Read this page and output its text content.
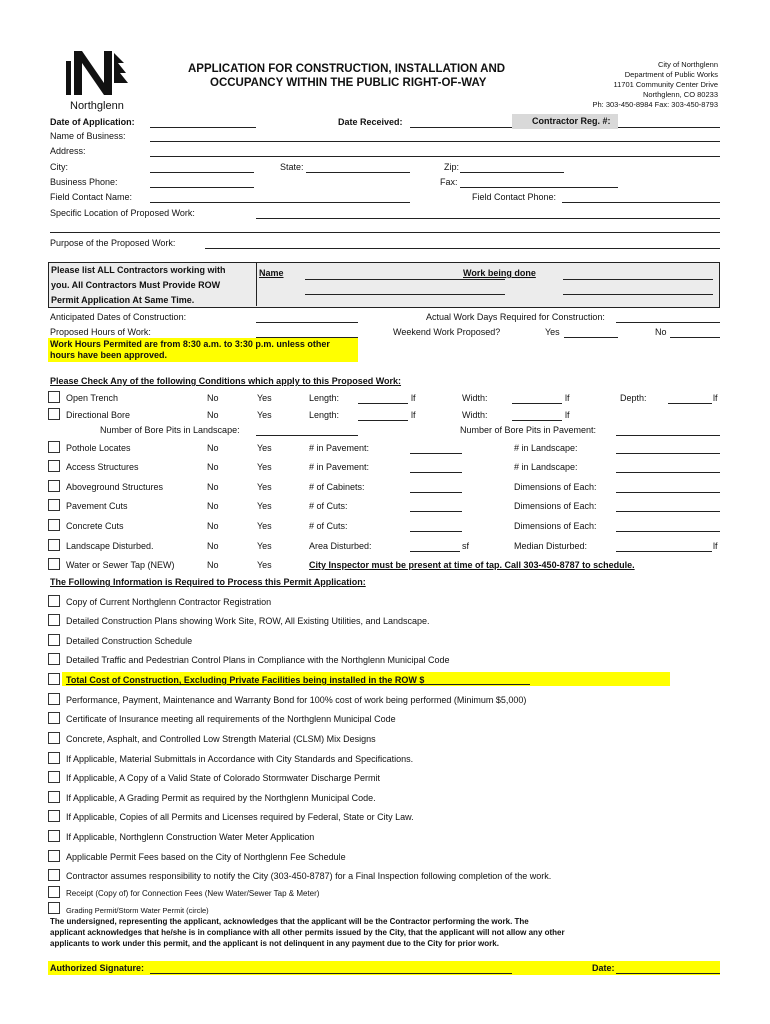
Northglenn
APPLICATION FOR CONSTRUCTION, INSTALLATION AND
OCCUPANCY WITHIN THE PUBLIC RIGHT-OF-WAY
City of Northglenn
Department of Public Works
11701 Community Center Drive
Northglenn, CO 80233
Ph: 303-450-8984 Fax: 303-450-8793
Date of Application:	Date Received:	Contractor Reg. #:
Name of Business:
Address:
City:	State:	Zip:
Business Phone:	Fax:
Field Contact Name:	Field Contact Phone:
Specific Location of Proposed Work:
Purpose of the Proposed Work:
Please list ALL Contractors working with
you. All Contractors Must Provide ROW
Permit Application At Same Time.
Name	Work being done
Anticipated Dates of Construction:	Actual Work Days Required for Construction:
Proposed Hours of Work:	Weekend Work Proposed?	Yes	No
Work Hours Permited are from 8:30 a.m. to 3:30 p.m. unless other
hours have been approved.
Please Check Any of the following Conditions which apply to this Proposed Work:
Open Trench	No	Yes	Length:	lf	Width:	lf	Depth:	lf
Directional Bore	No	Yes	Length:	lf	Width:	lf
Number of Bore Pits in Landscape:	Number of Bore Pits in Pavement:
Pothole Locates	No	Yes	# in Pavement:	# in Landscape:
Access Structures	No	Yes	# in Pavement:	# in Landscape:
Aboveground Structures	No	Yes	# of Cabinets:	Dimensions of Each:
Pavement Cuts	No	Yes	# of Cuts:	Dimensions of Each:
Concrete Cuts	No	Yes	# of Cuts:	Dimensions of Each:
Landscape Disturbed.	No	Yes	Area Disturbed:	sf	Median Disturbed:	lf
Water or Sewer Tap (NEW)	No	Yes	City Inspector must be present at time of tap. Call 303-450-8787 to schedule.
The Following Information is Required to Process this Permit Application:
Copy of Current Northglenn Contractor Registration
Detailed Construction Plans showing Work Site, ROW, All Existing Utilities, and Landscape.
Detailed Construction Schedule
Detailed Traffic and Pedestrian Control Plans in Compliance with the Northglenn Municipal Code
Total Cost of Construction, Excluding Private Facilities being installed in the ROW $
Performance, Payment, Maintenance and Warranty Bond for 100% cost of work being performed (Minimum $5,000)
Certificate of Insurance meeting all requirements of the Northglenn Municipal Code
Concrete, Asphalt, and Controlled Low Strength Material (CLSM) Mix Designs
If Applicable, Material Submittals in Accordance with City Standards and Specifications.
If Applicable, A Copy of a Valid State of Colorado Stormwater Discharge Permit
If Applicable, A Grading Permit as required by the Northglenn Municipal Code.
If Applicable, Copies of all Permits and Licenses required by Federal, State or City Law.
If Applicable, Northglenn Construction Water Meter Application
Applicable Permit Fees based on the City of Northglenn Fee Schedule
Contractor assumes responsibility to notify the City (303-450-8787) for a Final Inspection following completion of the work.
Receipt (Copy of) for Connection Fees (New Water/Sewer Tap & Meter)
Grading Permit/Storm Water Permit (circle)
The undersigned, representing the applicant, acknowledges that the applicant will be the Contractor performing the work. The
applicant acknowledges that he/she is in compliance with all other permits issued by the City, that the applicant will not allow any other
applicants to work under this permit, and the applicant is not delinquent in any payment due to the City for prior work.
Authorized Signature:	Date:
